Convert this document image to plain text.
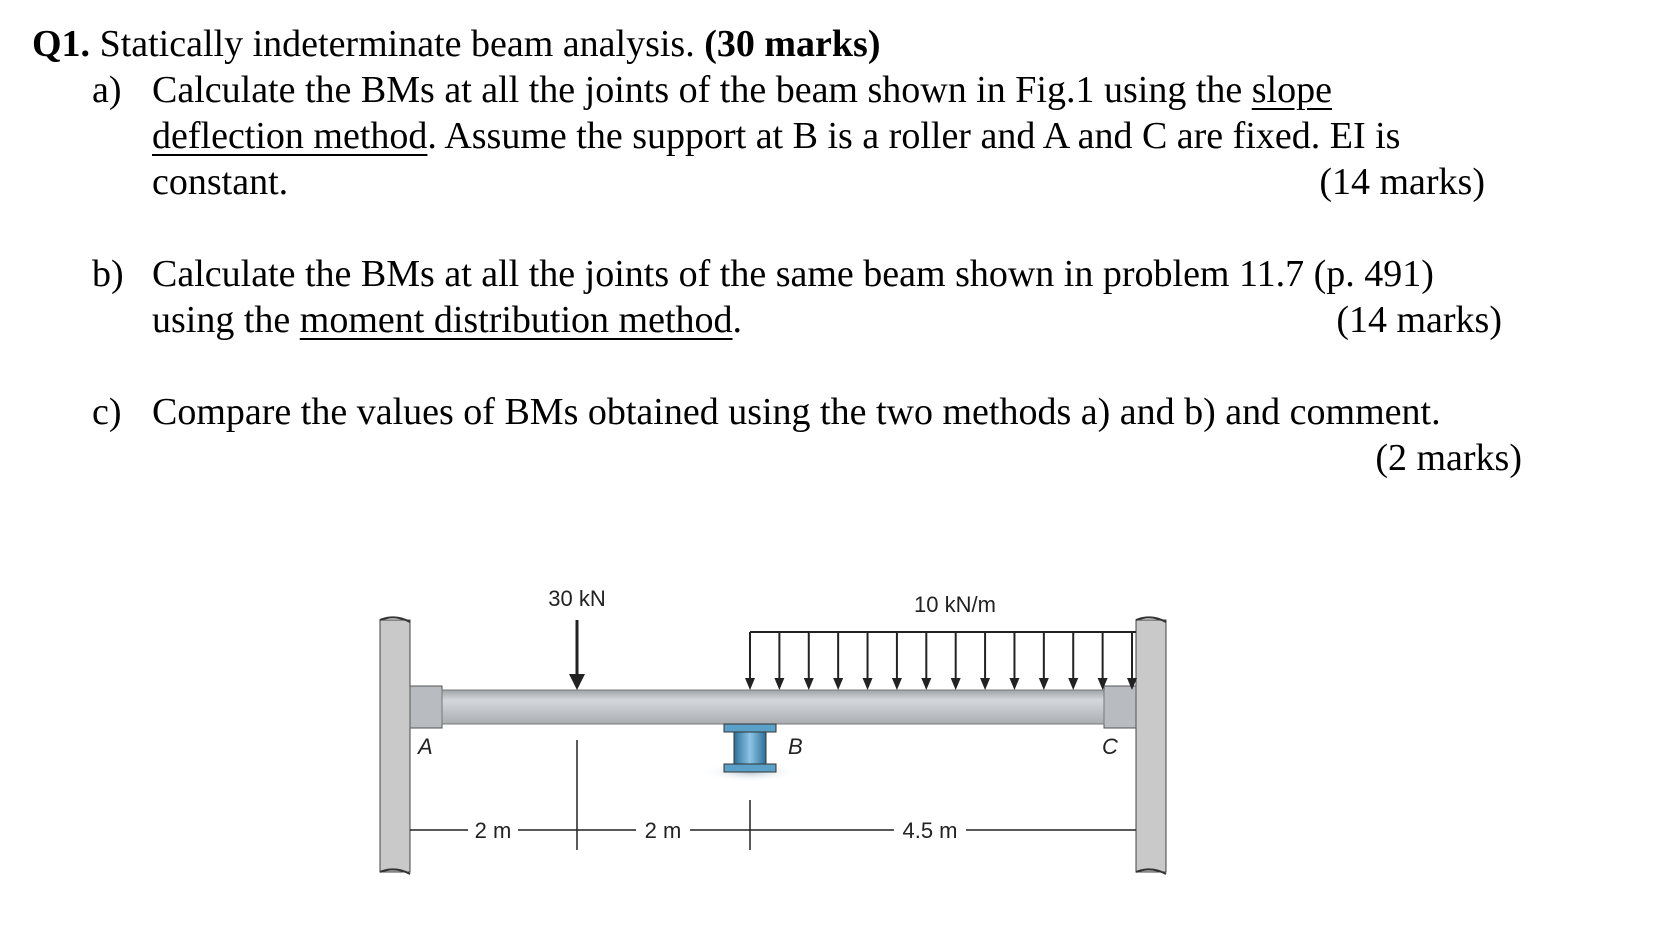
Q1. Statically indeterminate beam analysis. (30 marks)
a) Calculate the BMs at all the joints of the beam shown in Fig.1 using the slope
deflection method. Assume the support at B is a roller and A and C are fixed. EI is
constant.	(14 marks)
b) Calculate the BMs at all the joints of the same beam shown in problem 11.7 (p. 491)
using the moment distribution method.	(14 marks)
c) Compare the values of BMs obtained using the two methods a) and b) and comment.
(2 marks)
30 kN	10 kN/m
A	B	C
2 m	2 m	4.5 m
